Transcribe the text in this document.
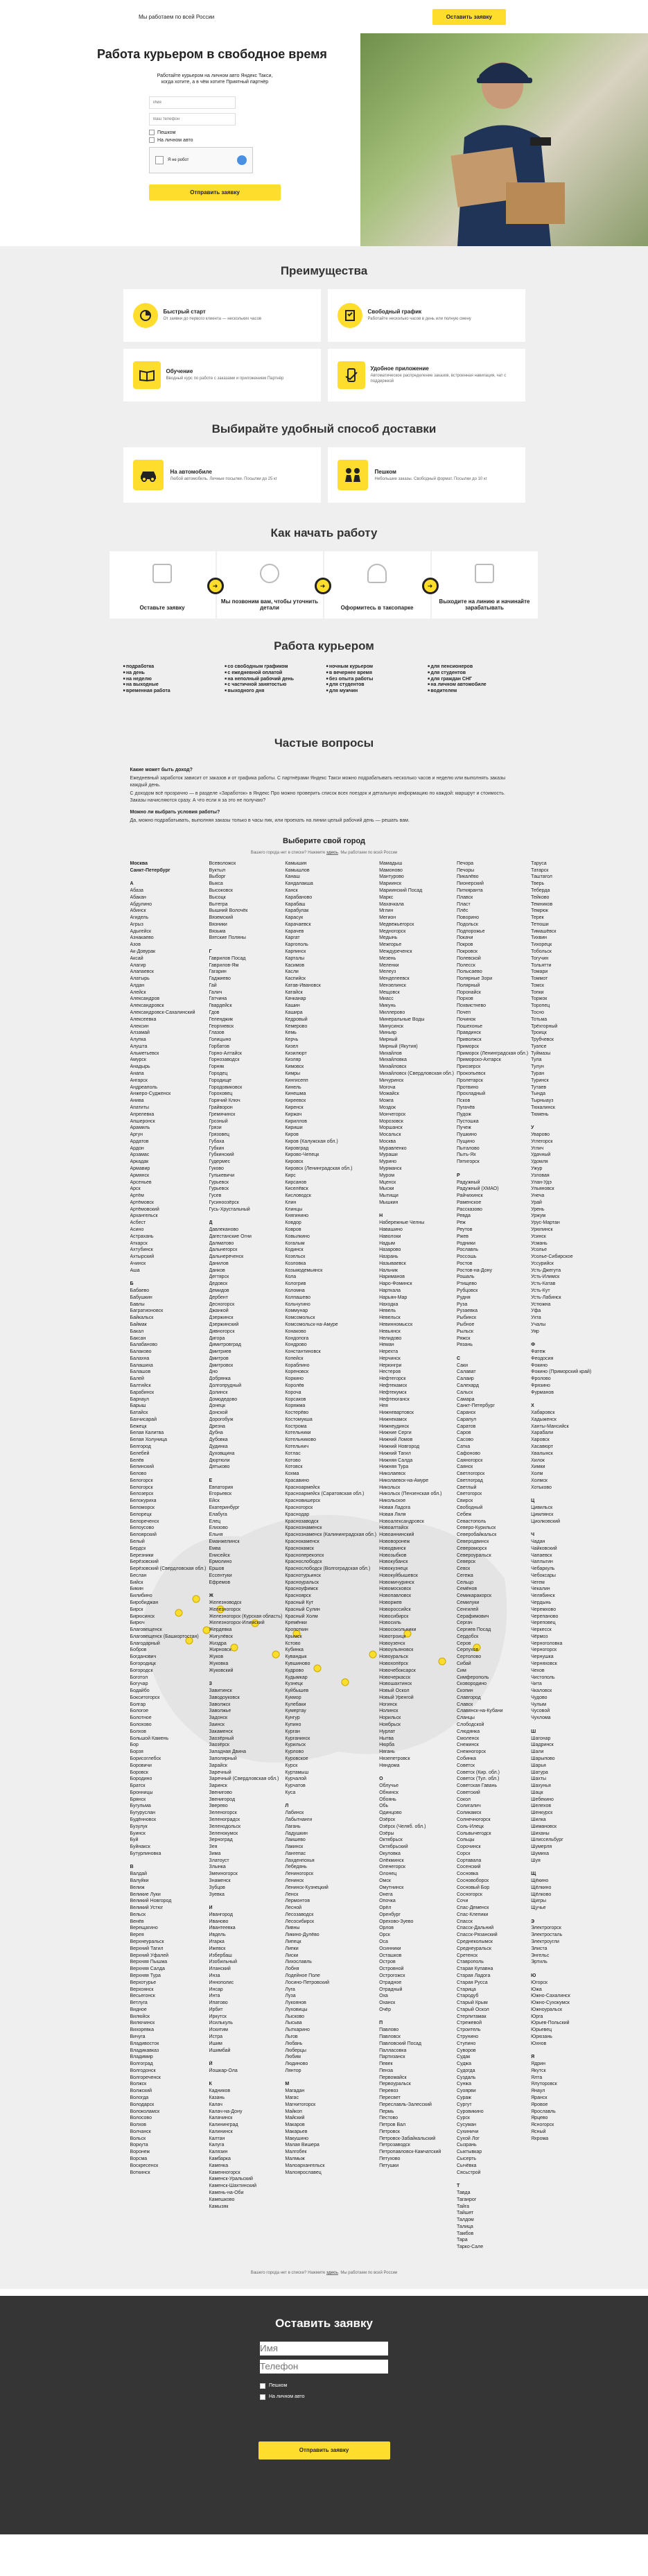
Мы работаем по всей России	Оставить заявку
Работа курьером в свободное время

Работайте курьером на личном авто Яндекс Такси, когда хотите, а в чём хотите Приятный партнёр

Имя Ваш телефон
Пешком
На личном авто
Я не робот
Отправить заявку
Преимущества
Быстрый старт

От заявки до первого клиента — нескольких часов

Свободный график

Работайте несколько часов в день или полную смену

Обучение

Вводный курс по работе с заказами и приложением Партнёр

Удобное приложение

Автоматическое распределение заказов, встроенная навигация, чат с поддержкой

Выбирайте удобный способ доставки
На автомобиле

Любой автомобиль. Личные посылки. Посылки до 25 кг

Пешком

Небольшие заказы. Свободный формат. Посылки до 10 кг

Как начать работу
Оставьте заявку
➜
Мы позвоним вам, чтобы уточнить детали
➜
Оформитесь в таксопарке
➜
Выходите на линию и начинайте зарабатывать
Работа курьером
■ подработка
■ на день
■ на неделю
■ на выходные
■ временная работа
■ со свободным графиком
■ с ежедневной оплатой
■ на неполный рабочий день
■ с частичной занятостью
■ выходного дня
■ ночным курьером
■ в вечернее время
■ без опыта работы
■ для студентов
■ для мужчин
■ для пенсионеров
■ для студентов
■ для граждан СНГ
■ на личном автомобиле
■ водителем
Частые вопросы
Какие может быть доход?

Ежедневный заработок зависит от заказов и от графика работы. С партнёрами Яндекс Такси можно подрабатывать несколько часов и неделю или выполнять заказы каждый день.

С доходом всё прозрачно — в разделе «Заработок» в Яндекс Про можно проверить список всех поездок и детальную информацию по каждой: маршрут и стоимость. Заказы начисляются сразу. А что если я за это не получаю?

Можно ли выбрать условия работы?

Да, можно подрабатывать, выполняя заказы только в часы пик, или проехать на линии целый рабочий день — решать вам.

Выберите свой город
Вашего города нет в списке? Нажмите здесь. Мы работаем по всей России
Москва
Санкт-Петербург

А
Абаза
Абакан
Абдулино
Абинск
Агидель
Агрыз
Адыгейск
Азнакаево
Азов
Ак-Довурак
Аксай
Алагир
Алапаевск
Алатырь
Алдан
Алейск
Александров
Александровск
Александровск-Сахалинский
Алексеевка
Алексин
Алзамай
Алупка
Алушта
Альметьевск
Амурск
Анадырь
Анапа
Ангарск
Андреаполь
Анжеро-Судженск
Анива
Апатиты
Апрелевка
Апшеронск
Арамиль
Аргун
Ардатов
Ардон
Арзамас
Аркадак
Армавир
Армянск
Арсеньев
Арск
Артём
Артёмовск
Артёмовский
Архангельск
Асбест
Асино
Астрахань
Аткарск
Ахтубинск
Ахтырский
Ачинск
Аша

Б
Бабаево
Бабушкин
Бавлы
Багратионовск
Байкальск
Баймак
Бакал
Баксан
Балабаново
Балаково
Балахна
Балашиха
Балашов
Балей
Балтийск
Барабинск
Барнаул
Барыш
Батайск
Бахчисарай
Бежецк
Белая Калитва
Белая Холуница
Белгород
Белебей
Белёв
Белинский
Белово
Белогорск
Белогорск
Белозерск
Белокуриха
Беломорск
Белорецк
Белореченск
Белоусово
Белоярский
Белый
Бердск
Березники
Берёзовский
Берёзовский (Свердловская обл.)
Беслан
Бийск
Бикин
Билибино
Биробиджан
Бирск
Бирюсинск
Бирюч
Благовещенск
Благовещенск (Башкортостан)
Благодарный
Бобров
Богданович
Богородицк
Богородск
Боготол
Богучар
Бодайбо
Бокситогорск
Болгар
Бологое
Болотное
Болохово
Болхов
Большой Камень
Бор
Борзя
Борисоглебск
Боровичи
Боровск
Бородино
Братск
Бронницы
Брянск
Бугульма
Бугуруслан
Будённовск
Бузулук
Буинск
Буй
Буйнакск
Бутурлиновка

В
Валдай
Валуйки
Велиж
Великие Луки
Великий Новгород
Великий Устюг
Вельск
Венёв
Верещагино
Верея
Верхнеуральск
Верхний Тагил
Верхний Уфалей
Верхняя Пышма
Верхняя Салда
Верхняя Тура
Верхотурье
Верхоянск
Весьегонск
Ветлуга
Видное
Вилюйск
Вилючинск
Вихоревка
Вичуга
Владивосток
Владикавказ
Владимир
Волгоград
Волгодонск
Волгореченск
Волжск
Волжский
Вологда
Володарск
Волоколамск
Волосово
Волхов
Волчанск
Вольск
Воркута
Воронеж
Ворсма
Воскресенск
Воткинск
Всеволожск
Вуктыл
Выборг
Выкса
Высоковск
Высоцк
Вытегра
Вышний Волочёк
Вяземский
Вязники
Вязьма
Вятские Поляны

Г
Гаврилов Посад
Гаврилов-Ям
Гагарин
Гаджиево
Гай
Галич
Гатчина
Гвардейск
Гдов
Геленджик
Георгиевск
Глазов
Голицыно
Горбатов
Горно-Алтайск
Горнозаводск
Горняк
Городец
Городище
Городовиковск
Гороховец
Горячий Ключ
Грайворон
Гремячинск
Грозный
Грязи
Грязовец
Губаха
Губкин
Губкинский
Гудермес
Гуково
Гулькевичи
Гурьевск
Гурьевск
Гусев
Гусиноозёрск
Гусь-Хрустальный

Д
Давлеканово
Дагестанские Огни
Далматово
Дальнегорск
Дальнереченск
Данилов
Данков
Дегтярск
Дедовск
Демидов
Дербент
Десногорск
Джанкой
Дзержинск
Дзержинский
Дивногорск
Дигора
Димитровград
Дмитриев
Дмитров
Дмитровск
Дно
Добрянка
Долгопрудный
Долинск
Домодедово
Донецк
Донской
Дорогобуж
Дрезна
Дубна
Дубовка
Дудинка
Духовщина
Дюртюли
Дятьково

Е
Евпатория
Егорьевск
Ейск
Екатеринбург
Елабуга
Елец
Елизово
Ельня
Еманжелинск
Емва
Енисейск
Ермолино
Ершов
Ессентуки
Ефремов

Ж
Железноводск
Железногорск
Железногорск (Курская область)
Железногорск-Илимский
Жердевка
Жигулёвск
Жиздра
Жирновск
Жуков
Жуковка
Жуковский

З
Завитинск
Заводоуковск
Заволжск
Заволжье
Задонск
Заинск
Закаменск
Заозёрный
Заозёрск
Западная Двина
Заполярный
Зарайск
Заречный
Заречный (Свердловская обл.)
Заринск
Звенигово
Звенигород
Зверево
Зеленогорск
Зеленоградск
Зеленодольск
Зеленокумск
Зерноград
Зея
Зима
Златоуст
Злынка
Змеиногорск
Знаменск
Зубцов
Зуевка

И
Ивангород
Иваново
Ивантеевка
Ивдель
Игарка
Ижевск
Избербаш
Изобильный
Иланский
Инза
Иннополис
Инсар
Инта
Ипатово
Ирбит
Иркутск
Исилькуль
Искитим
Истра
Ишим
Ишимбай

Й
Йошкар-Ола

К
Кадников
Казань
Калач
Калач-на-Дону
Калачинск
Калининград
Калининск
Калтан
Калуга
Калязин
Камбарка
Каменка
Каменногорск
Каменск-Уральский
Каменск-Шахтинский
Камень-на-Оби
Камешково
Камызяк
Камышин
Камышлов
Канаш
Кандалакша
Канск
Карабаново
Карабаш
Карабулак
Карасук
Карачаевск
Карачев
Каргат
Каргополь
Карпинск
Карталы
Касимов
Касли
Каспийск
Катав-Ивановск
Катайск
Качканар
Кашин
Кашира
Кедровый
Кемерово
Кемь
Керчь
Кизел
Кизилюрт
Кизляр
Кимовск
Кимры
Кингисепп
Кинель
Кинешма
Киреевск
Киренск
Киржач
Кириллов
Кириши
Киров
Киров (Калужская обл.)
Кировград
Кирово-Чепецк
Кировск
Кировск (Ленинградская обл.)
Кирс
Кирсанов
Киселёвск
Кисловодск
Клин
Клинцы
Княгинино
Ковдор
Ковров
Ковылкино
Когалым
Кодинск
Козельск
Козловка
Козьмодемьянск
Кола
Кологрив
Коломна
Колпашево
Кольчугино
Коммунар
Комсомольск
Комсомольск-на-Амуре
Конаково
Кондопога
Кондрово
Константиновск
Копейск
Кораблино
Кореновск
Коркино
Королёв
Короча
Корсаков
Коряжма
Костерёво
Костомукша
Кострома
Котельники
Котельниково
Котельнич
Котлас
Котово
Котовск
Кохма
Красавино
Красноармейск
Красноармейск (Саратовская обл.)
Красновишерск
Красногорск
Краснодар
Краснозаводск
Краснознаменск
Краснознаменск (Калининградская обл.)
Краснокаменск
Краснокамск
Красноперекопск
Краснослободск
Краснослободск (Волгоградская обл.)
Краснотурьинск
Красноуральск
Красноуфимск
Красноярск
Красный Кут
Красный Сулин
Красный Холм
Кремёнки
Кропоткин
Крымск
Кстово
Кубинка
Кувандык
Кувшиново
Кудрово
Кудымкар
Кузнецк
Куйбышев
Кукмор
Кулебаки
Кумертау
Кунгур
Купино
Курган
Курганинск
Курильск
Курлово
Куровское
Курск
Куртамыш
Курчалой
Курчатов
Куса

Л
Лабинск
Лабытнанги
Лагань
Ладушкин
Лаишево
Лакинск
Лангепас
Лахденпохья
Лебедянь
Лениногорск
Ленинск
Ленинск-Кузнецкий
Ленск
Лермонтов
Лесной
Лесозаводск
Лесосибирск
Ливны
Ликино-Дулёво
Липецк
Липки
Лиски
Лихославль
Лобня
Лодейное Поле
Лосино-Петровский
Луга
Луза
Лукоянов
Луховицы
Лысково
Лысьва
Лыткарино
Льгов
Любань
Люберцы
Любим
Людиново
Лянтор

М
Магадан
Магас
Магнитогорск
Майкоп
Майский
Макаров
Макарьев
Макушино
Малая Вишера
Малгобек
Малмыж
Малоархангельск
Малоярославец
Мамадыш
Мамоново
Мантурово
Мариинск
Мариинский Посад
Маркс
Махачкала
Мглин
Мегион
Медвежьегорск
Медногорск
Медынь
Межгорье
Междуреченск
Мезень
Меленки
Мелеуз
Менделеевск
Мензелинск
Мещовск
Миасс
Микунь
Миллерово
Минеральные Воды
Минусинск
Миньяр
Мирный
Мирный (Якутия)
Михайлов
Михайловка
Михайловск
Михайловск (Свердловская обл.)
Мичуринск
Могоча
Можайск
Можга
Моздок
Мончегорск
Морозовск
Моршанск
Мосальск
Москва
Муравленко
Мураши
Мурино
Мурманск
Муром
Мценск
Мыски
Мытищи
Мышкин

Н
Набережные Челны
Навашино
Наволоки
Надым
Назарово
Назрань
Называевск
Нальчик
Нариманов
Наро-Фоминск
Нарткала
Нарьян-Мар
Находка
Невель
Невельск
Невинномысск
Невьянск
Нелидово
Неман
Нерехта
Нерчинск
Нерюнгри
Нестеров
Нефтегорск
Нефтекамск
Нефтекумск
Нефтеюганск
Нея
Нижневартовск
Нижнекамск
Нижнеудинск
Нижние Серги
Нижний Ломов
Нижний Новгород
Нижний Тагил
Нижняя Салда
Нижняя Тура
Николаевск
Николаевск-на-Амуре
Никольск
Никольск (Пензенская обл.)
Никольское
Новая Ладога
Новая Ляля
Новоалександровск
Новоалтайск
Новоаннинский
Нововоронеж
Новодвинск
Новозыбков
Новокубанск
Новокузнецк
Новокуйбышевск
Новомичуринск
Новомосковск
Новопавловск
Новоржев
Новороссийск
Новосибирск
Новосиль
Новосокольники
Новотроицк
Новоузенск
Новоульяновск
Новоуральск
Новохопёрск
Новочебоксарск
Новочеркасск
Новошахтинск
Новый Оскол
Новый Уренгой
Ногинск
Нолинск
Норильск
Ноябрьск
Нурлат
Нытва
Нюрба
Нягань
Нязепетровск
Няндома

О
Облучье
Обнинск
Обоянь
Обь
Одинцово
Озёрск
Озёрск (Челяб. обл.)
Озёры
Октябрьск
Октябрьский
Окуловка
Олёкминск
Оленегорск
Олонец
Омск
Омутнинск
Онега
Опочка
Орёл
Оренбург
Орехово-Зуево
Орлов
Орск
Оса
Осинники
Осташков
Остров
Островной
Острогожск
Отрадное
Отрадный
Оха
Оханск
Очёр

П
Павлово
Павловск
Павловский Посад
Палласовка
Партизанск
Певек
Пенза
Первомайск
Первоуральск
Перевоз
Пересвет
Переславль-Залесский
Пермь
Пестово
Петров Вал
Петровск
Петровск-Забайкальский
Петрозаводск
Петропавловск-Камчатский
Петухово
Петушки
Печора
Печоры
Пикалёво
Пионерский
Питкяранта
Плавск
Пласт
Плёс
Поворино
Подольск
Подпорожье
Покачи
Покров
Покровск
Полевской
Полесск
Полысаево
Полярные Зори
Полярный
Поронайск
Порхов
Похвистнево
Почеп
Починок
Пошехонье
Правдинск
Приволжск
Приморск
Приморск (Ленинградская обл.)
Приморско-Ахтарск
Приозерск
Прокопьевск
Пролетарск
Протвино
Прохладный
Псков
Пугачёв
Пудож
Пустошка
Пучеж
Пушкино
Пущино
Пыталово
Пыть-Ях
Пятигорск

Р
Радужный
Радужный (ХМАО)
Райчихинск
Раменское
Рассказово
Ревда
Реж
Реутов
Ржев
Родники
Рославль
Россошь
Ростов
Ростов-на-Дону
Рошаль
Ртищево
Рубцовск
Рудня
Руза
Рузаевка
Рыбинск
Рыбное
Рыльск
Ряжск
Рязань

С
Саки
Салават
Салаир
Салехард
Сальск
Самара
Санкт-Петербург
Саранск
Сарапул
Саратов
Саров
Сасово
Сатка
Сафоново
Саяногорск
Саянск
Светлогорск
Светлоград
Светлый
Светогорск
Свирск
Свободный
Себеж
Севастополь
Северо-Курильск
Северобайкальск
Северодвинск
Североморск
Североуральск
Северск
Севск
Сегежа
Сельцо
Семёнов
Семикаракорск
Семилуки
Сенгилей
Серафимович
Сергач
Сергиев Посад
Сердобск
Серов
Серпухов
Сертолово
Сибай
Сим
Симферополь
Сковородино
Скопин
Славгород
Славск
Славянск-на-Кубани
Сланцы
Слободской
Слюдянка
Смоленск
Снежинск
Снежногорск
Собинка
Советск
Советск (Кир. обл.)
Советск (Тул. обл.)
Советская Гавань
Советский
Сокол
Солигалич
Соликамск
Солнечногорск
Соль-Илецк
Сольвычегодск
Сольцы
Сорочинск
Сорск
Сортавала
Сосенский
Сосновка
Сосновоборск
Сосновый Бор
Сосногорск
Сочи
Спас-Деменск
Спас-Клепики
Спасск
Спасск-Дальний
Спасск-Рязанский
Среднеколымск
Среднеуральск
Сретенск
Ставрополь
Старая Купавна
Старая Ладога
Старая Русса
Старица
Стародуб
Старый Крым
Старый Оскол
Стерлитамак
Стрежевой
Строитель
Струнино
Ступино
Суворов
Судак
Суджа
Судогда
Суздаль
Сунжа
Суоярви
Сураж
Сургут
Суровикино
Сурск
Сусуман
Сухиничи
Сухой Лог
Сызрань
Сыктывкар
Сысерть
Сычёвка
Сясьстрой

Т
Тавда
Таганрог
Тайга
Тайшет
Талдом
Талица
Тамбов
Тара
Тарко-Сале
Таруса
Татарск
Таштагол
Тверь
Теберда
Тейково
Темников
Темрюк
Терек
Тетюши
Тимашёвск
Тихвин
Тихорецк
Тобольск
Тогучин
Тольятти
Томари
Томмот
Томск
Топки
Торжок
Торопец
Тосно
Тотьма
Трёхгорный
Троицк
Трубчевск
Туапсе
Туймазы
Тула
Тулун
Туран
Туринск
Тутаев
Тында
Тырныауз
Тюкалинск
Тюмень

У
Уварово
Углегорск
Углич
Удачный
Удомля
Ужур
Узловая
Улан-Удэ
Ульяновск
Унеча
Урай
Урень
Уржум
Урус-Мартан
Урюпинск
Усинск
Усмань
Усолье
Усолье-Сибирское
Уссурийск
Усть-Джегута
Усть-Илимск
Усть-Катав
Усть-Кут
Усть-Лабинск
Устюжна
Уфа
Ухта
Учалы
Уяр

Ф
Фатеж
Феодосия
Фокино
Фокино (Приморский край)
Фролово
Фрязино
Фурманов

Х
Хабаровск
Хадыженск
Ханты-Мансийск
Харабали
Харовск
Хасавюрт
Хвалынск
Хилок
Химки
Холм
Холмск
Хотьково

Ц
Цивильск
Цимлянск
Циолковский

Ч
Чадан
Чайковский
Чапаевск
Чаплыгин
Чебаркуль
Чебоксары
Чегем
Чекалин
Челябинск
Чердынь
Черемхово
Черепаново
Череповец
Черкесск
Чёрмоз
Черноголовка
Черногорск
Чернушка
Черняховск
Чехов
Чистополь
Чита
Чкаловск
Чудово
Чулым
Чусовой
Чухлома

Ш
Шагонар
Шадринск
Шали
Шарыпово
Шарья
Шатура
Шахты
Шахунья
Шацк
Шебекино
Шелехов
Шенкурск
Шилка
Шимановск
Шиханы
Шлиссельбург
Шумерля
Шумиха
Шуя

Щ
Щёкино
Щёлкино
Щёлково
Щигры
Щучье

Э
Электрогорск
Электросталь
Электроугли
Элиста
Энгельс
Эртиль

Ю
Югорск
Южа
Южно-Сахалинск
Южно-Сухокумск
Южноуральск
Юрга
Юрьев-Польский
Юрьевец
Юрюзань
Юхнов

Я
Ядрин
Якутск
Ялта
Ялуторовск
Янаул
Яранск
Яровое
Ярославль
Ярцево
Ясногорск
Ясный
Яхрома
Вашего города нет в списке? Нажмите здесь. Мы работаем по всей России
Оставить заявку
Имя
Телефон
Пешком
На личном авто
Отправить заявку
